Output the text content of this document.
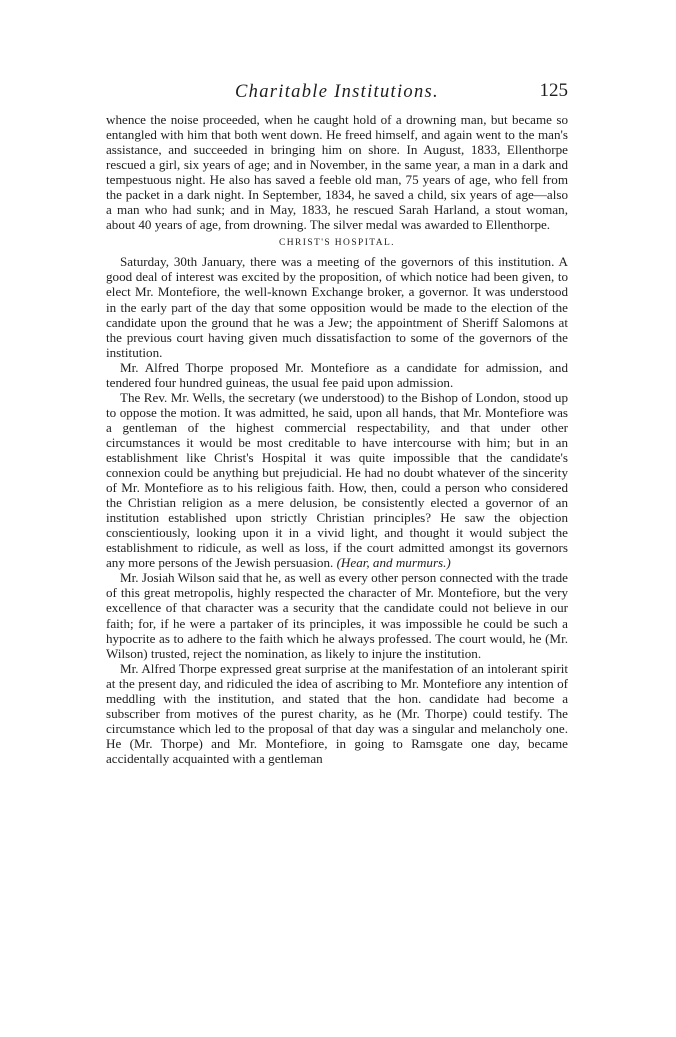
Charitable Institutions.	125

whence the noise proceeded, when he caught hold of a drowning man, but became so entangled with him that both went down. He freed himself, and again went to the man's assistance, and succeeded in bringing him on shore. In August, 1833, Ellenthorpe rescued a girl, six years of age; and in November, in the same year, a man in a dark and tempestuous night. He also has saved a feeble old man, 75 years of age, who fell from the packet in a dark night. In September, 1834, he saved a child, six years of age—also a man who had sunk; and in May, 1833, he rescued Sarah Harland, a stout woman, about 40 years of age, from drowning. The silver medal was awarded to Ellenthorpe.

CHRIST'S HOSPITAL.

Saturday, 30th January, there was a meeting of the governors of this institution. A good deal of interest was excited by the proposition, of which notice had been given, to elect Mr. Montefiore, the well-known Exchange broker, a governor. It was understood in the early part of the day that some opposition would be made to the election of the candidate upon the ground that he was a Jew; the appointment of Sheriff Salomons at the previous court having given much dissatisfaction to some of the governors of the institution.

Mr. Alfred Thorpe proposed Mr. Montefiore as a candidate for admission, and tendered four hundred guineas, the usual fee paid upon admission.

The Rev. Mr. Wells, the secretary (we understood) to the Bishop of London, stood up to oppose the motion. It was admitted, he said, upon all hands, that Mr. Montefiore was a gentleman of the highest commercial respectability, and that under other circumstances it would be most creditable to have intercourse with him; but in an establishment like Christ's Hospital it was quite impossible that the candidate's connexion could be anything but prejudicial. He had no doubt whatever of the sincerity of Mr. Montefiore as to his religious faith. How, then, could a person who considered the Christian religion as a mere delusion, be consistently elected a governor of an institution established upon strictly Christian principles? He saw the objection conscientiously, looking upon it in a vivid light, and thought it would subject the establishment to ridicule, as well as loss, if the court admitted amongst its governors any more persons of the Jewish persuasion. (Hear, and murmurs.)

Mr. Josiah Wilson said that he, as well as every other person connected with the trade of this great metropolis, highly respected the character of Mr. Montefiore, but the very excellence of that character was a security that the candidate could not believe in our faith; for, if he were a partaker of its principles, it was impossible he could be such a hypocrite as to adhere to the faith which he always professed. The court would, he (Mr. Wilson) trusted, reject the nomination, as likely to injure the institution.

Mr. Alfred Thorpe expressed great surprise at the manifestation of an intolerant spirit at the present day, and ridiculed the idea of ascribing to Mr. Montefiore any intention of meddling with the institution, and stated that the hon. candidate had become a subscriber from motives of the purest charity, as he (Mr. Thorpe) could testify. The circumstance which led to the proposal of that day was a singular and melancholy one. He (Mr. Thorpe) and Mr. Montefiore, in going to Ramsgate one day, became accidentally acquainted with a gentleman
